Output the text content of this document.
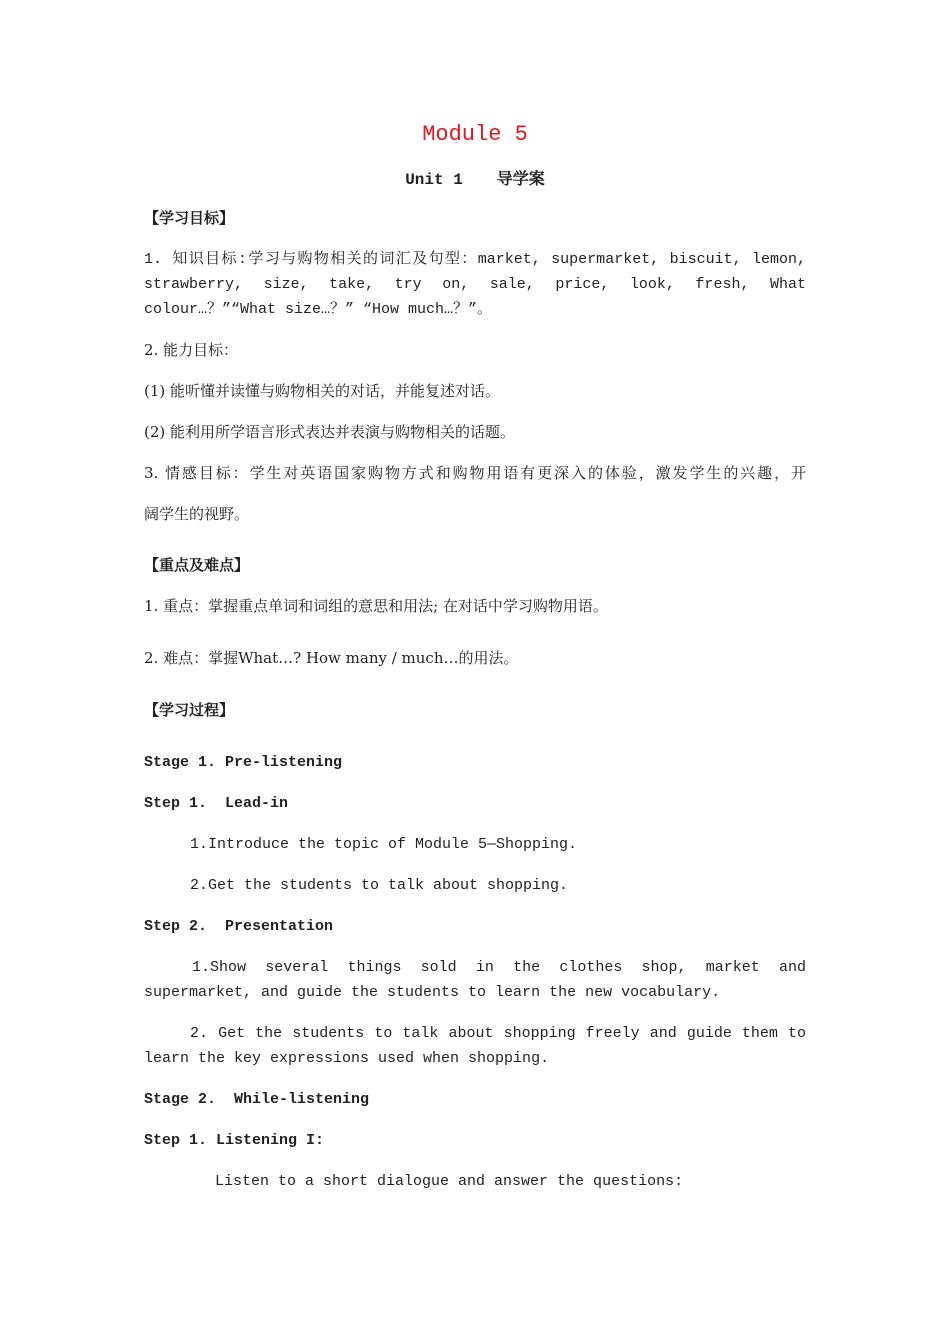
Module 5
Unit 1 导学案
【学习目标】
1. 知识目标:学习与购物相关的词汇及句型：market, supermarket, biscuit, lemon,
strawberry, size, take, try on, sale, price, look, fresh, What
colour…？”“What size…？” “How much…？”。
2. 能力目标：
(1) 能听懂并读懂与购物相关的对话，并能复述对话。
(2) 能利用所学语言形式表达并表演与购物相关的话题。
3. 情感目标：学生对英语国家购物方式和购物用语有更深入的体验，激发学生的兴趣，开
阔学生的视野。
【重点及难点】
1. 重点：掌握重点单词和词组的意思和用法; 在对话中学习购物用语。
2. 难点：掌握What…? How many / much…的用法。
【学习过程】
Stage 1. Pre-listening
Step 1.  Lead-in
1.Introduce the topic of Module 5—Shopping.
2.Get the students to talk about shopping.
Step 2.  Presentation
1.Show several things sold in the clothes shop, market and supermarket, and guide the students to learn the new vocabulary.
2. Get the students to talk about shopping freely and guide them to learn the key expressions used when shopping.
Stage 2.  While-listening
Step 1. Listening I:
Listen to a short dialogue and answer the questions:
